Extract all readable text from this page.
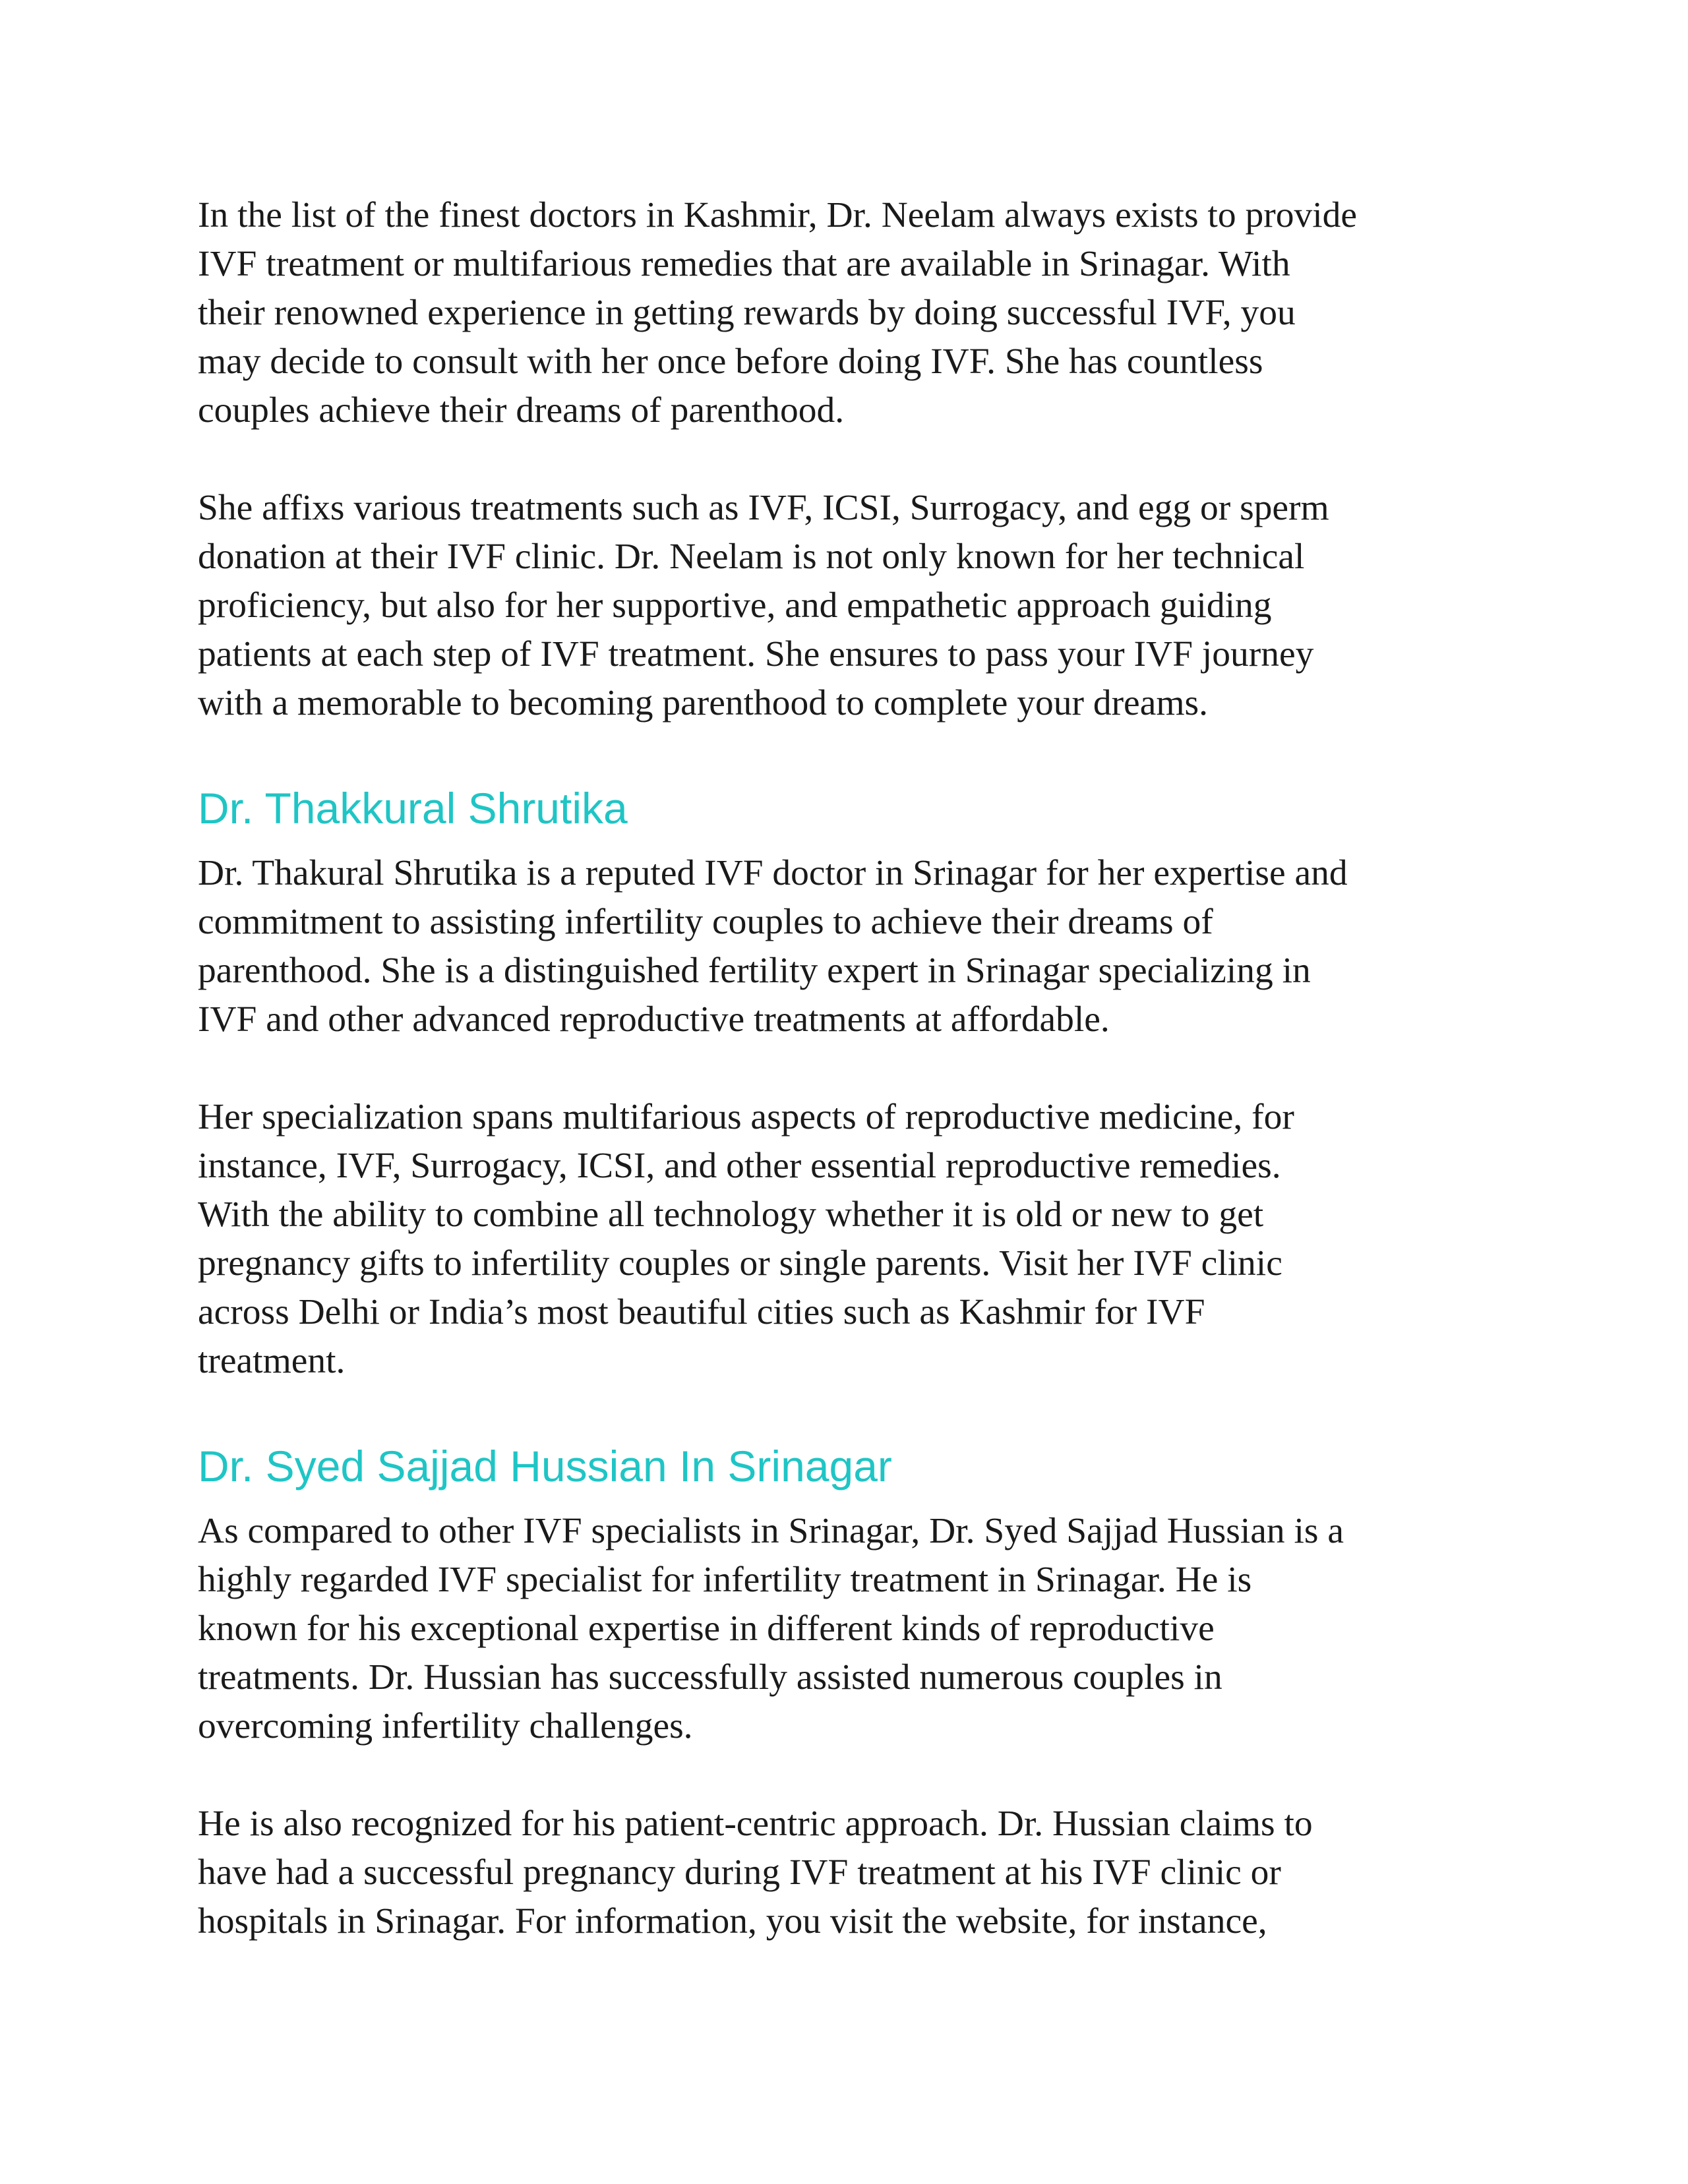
In the list of the finest doctors in Kashmir, Dr. Neelam always exists to provide
IVF treatment or multifarious remedies that are available in Srinagar. With
their renowned experience in getting rewards by doing successful IVF, you
may decide to consult with her once before doing IVF. She has countless
couples achieve their dreams of parenthood.

She affixs various treatments such as IVF, ICSI, Surrogacy, and egg or sperm
donation at their IVF clinic. Dr. Neelam is not only known for her technical
proficiency, but also for her supportive, and empathetic approach guiding
patients at each step of IVF treatment. She ensures to pass your IVF journey
with a memorable to becoming parenthood to complete your dreams.

Dr. Thakkural Shrutika

Dr. Thakural Shrutika is a reputed IVF doctor in Srinagar for her expertise and
commitment to assisting infertility couples to achieve their dreams of
parenthood. She is a distinguished fertility expert in Srinagar specializing in
IVF and other advanced reproductive treatments at affordable.

Her specialization spans multifarious aspects of reproductive medicine, for
instance, IVF, Surrogacy, ICSI, and other essential reproductive remedies.
With the ability to combine all technology whether it is old or new to get
pregnancy gifts to infertility couples or single parents. Visit her IVF clinic
across Delhi or India’s most beautiful cities such as Kashmir for IVF
treatment.

Dr. Syed Sajjad Hussian In Srinagar

As compared to other IVF specialists in Srinagar, Dr. Syed Sajjad Hussian is a
highly regarded IVF specialist for infertility treatment in Srinagar. He is
known for his exceptional expertise in different kinds of reproductive
treatments. Dr. Hussian has successfully assisted numerous couples in
overcoming infertility challenges.

He is also recognized for his patient-centric approach. Dr. Hussian claims to
have had a successful pregnancy during IVF treatment at his IVF clinic or
hospitals in Srinagar. For information, you visit the website, for instance,
